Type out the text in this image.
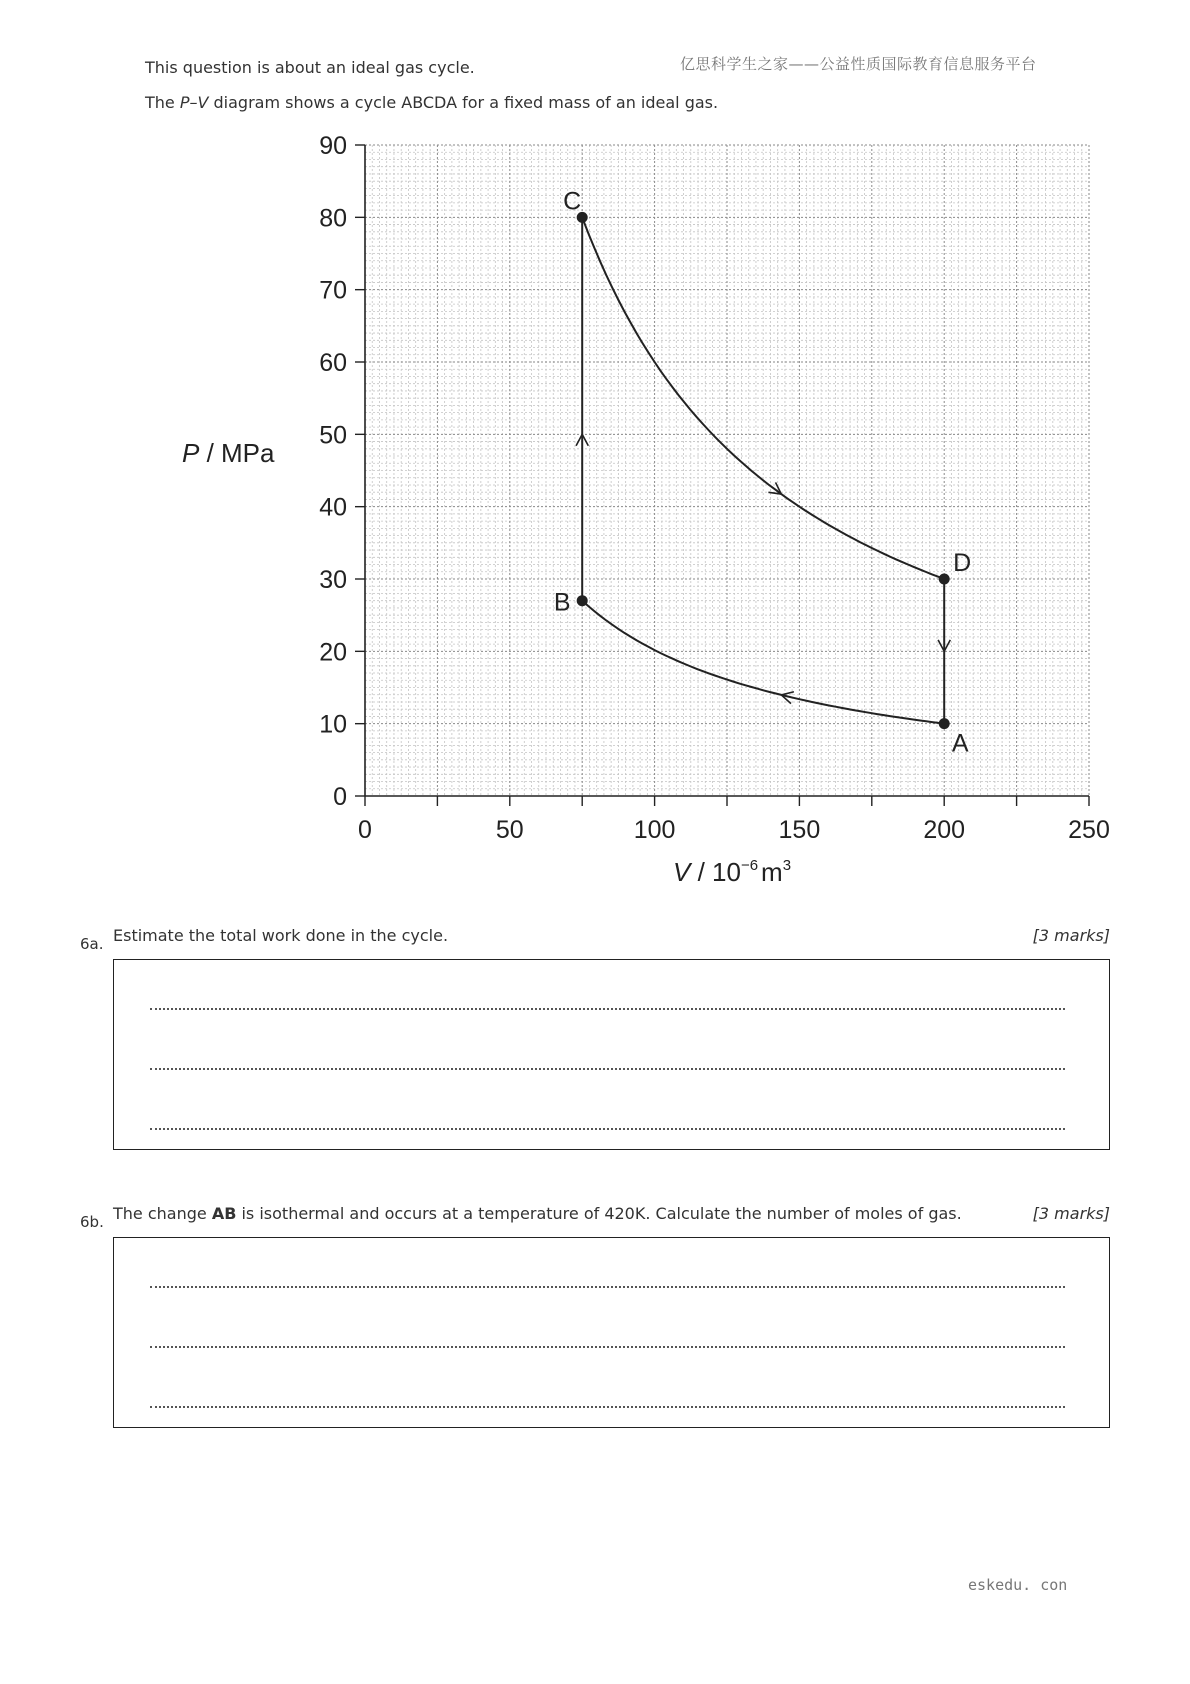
亿思科学生之家——公益性质国际教育信息服务平台
This question is about an ideal gas cycle.
The P–V diagram shows a cycle ABCDA for a fixed mass of an ideal gas.
0	50	100	150	200	250
0
10
20
30
40
50
60
70
80
90
P / MPa
V / $10^{-6}$ $m^3$
A
B
C
D
6a. Estimate the total work done in the cycle.	[3 marks]
6b. The change AB is isothermal and occurs at a temperature of 420K. Calculate the number of moles of gas.	[3 marks]
eskedu. con
